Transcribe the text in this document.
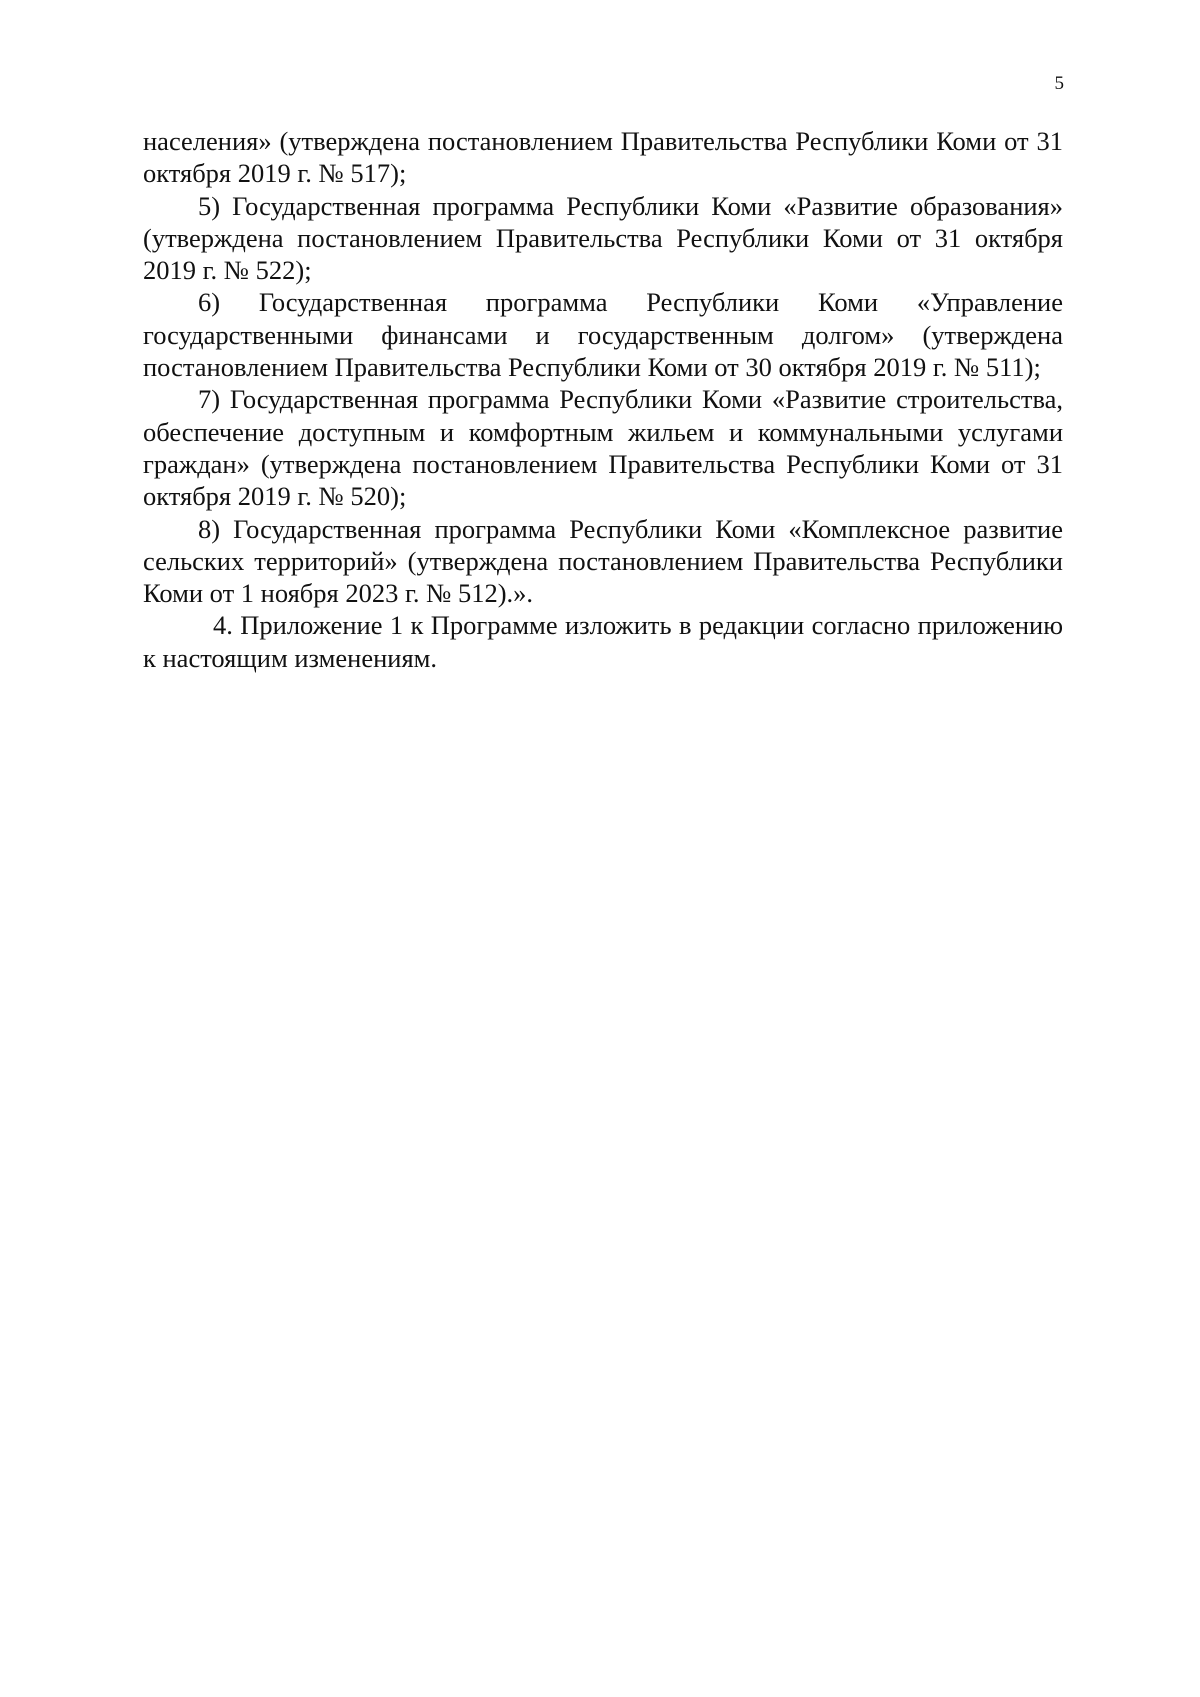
5

населения» (утверждена постановлением Правительства Республики Коми от 31 октября 2019 г. № 517);

5) Государственная программа Республики Коми «Развитие образования» (утверждена постановлением Правительства Республики Коми от 31 октября 2019 г. № 522);

6) Государственная программа Республики Коми «Управление государственными финансами и государственным долгом» (утверждена постановлением Правительства Республики Коми от 30 октября 2019 г. № 511);

7) Государственная программа Республики Коми «Развитие строительства, обеспечение доступным и комфортным жильем и коммунальными услугами граждан» (утверждена постановлением Правительства Республики Коми от 31 октября 2019 г. № 520);

8) Государственная программа Республики Коми «Комплексное развитие сельских территорий» (утверждена постановлением Правительства Республики Коми от 1 ноября 2023 г. № 512).».

4. Приложение 1 к Программе изложить в редакции согласно приложению к настоящим изменениям.
